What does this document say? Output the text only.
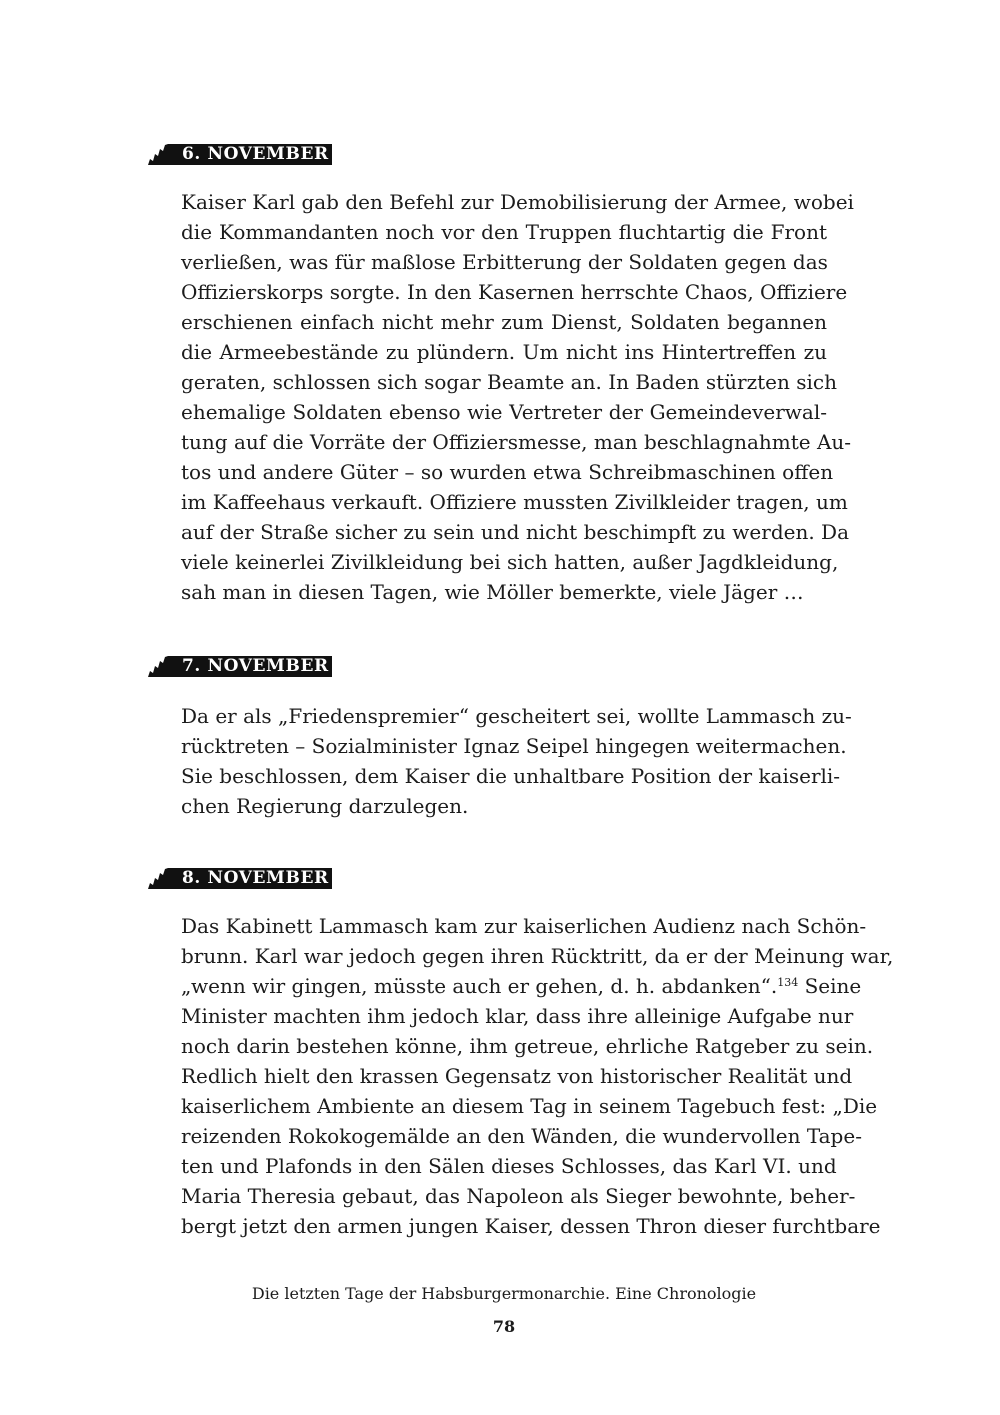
6. NOVEMBER
Kaiser Karl gab den Befehl zur Demobilisierung der Armee, wobei
die Kommandanten noch vor den Truppen fluchtartig die Front
verließen, was für maßlose Erbitterung der Soldaten gegen das
Offizierskorps sorgte. In den Kasernen herrschte Chaos, Offiziere
erschienen einfach nicht mehr zum Dienst, Soldaten begannen
die Armeebestände zu plündern. Um nicht ins Hintertreffen zu
geraten, schlossen sich sogar Beamte an. In Baden stürzten sich
ehemalige Soldaten ebenso wie Vertreter der Gemeindeverwal-
tung auf die Vorräte der Offiziersmesse, man beschlagnahmte Au-
tos und andere Güter – so wurden etwa Schreibmaschinen offen
im Kaffeehaus verkauft. Offiziere mussten Zivilkleider tragen, um
auf der Straße sicher zu sein und nicht beschimpft zu werden. Da
viele keinerlei Zivilkleidung bei sich hatten, außer Jagdkleidung,
sah man in diesen Tagen, wie Möller bemerkte, viele Jäger …
7. NOVEMBER
Da er als „Friedenspremier“ gescheitert sei, wollte Lammasch zu-
rücktreten – Sozialminister Ignaz Seipel hingegen weitermachen.
Sie beschlossen, dem Kaiser die unhaltbare Position der kaiserli-
chen Regierung darzulegen.
8. NOVEMBER
Das Kabinett Lammasch kam zur kaiserlichen Audienz nach Schön-
brunn. Karl war jedoch gegen ihren Rücktritt, da er der Meinung war,
„wenn wir gingen, müsste auch er gehen, d. h. abdanken“.$^{134}$ Seine
Minister machten ihm jedoch klar, dass ihre alleinige Aufgabe nur
noch darin bestehen könne, ihm getreue, ehrliche Ratgeber zu sein.
Redlich hielt den krassen Gegensatz von historischer Realität und
kaiserlichem Ambiente an diesem Tag in seinem Tagebuch fest: „Die
reizenden Rokokogemälde an den Wänden, die wundervollen Tape-
ten und Plafonds in den Sälen dieses Schlosses, das Karl VI. und
Maria Theresia gebaut, das Napoleon als Sieger bewohnte, beher-
bergt jetzt den armen jungen Kaiser, dessen Thron dieser furchtbare
Die letzten Tage der Habsburgermonarchie. Eine Chronologie
78
